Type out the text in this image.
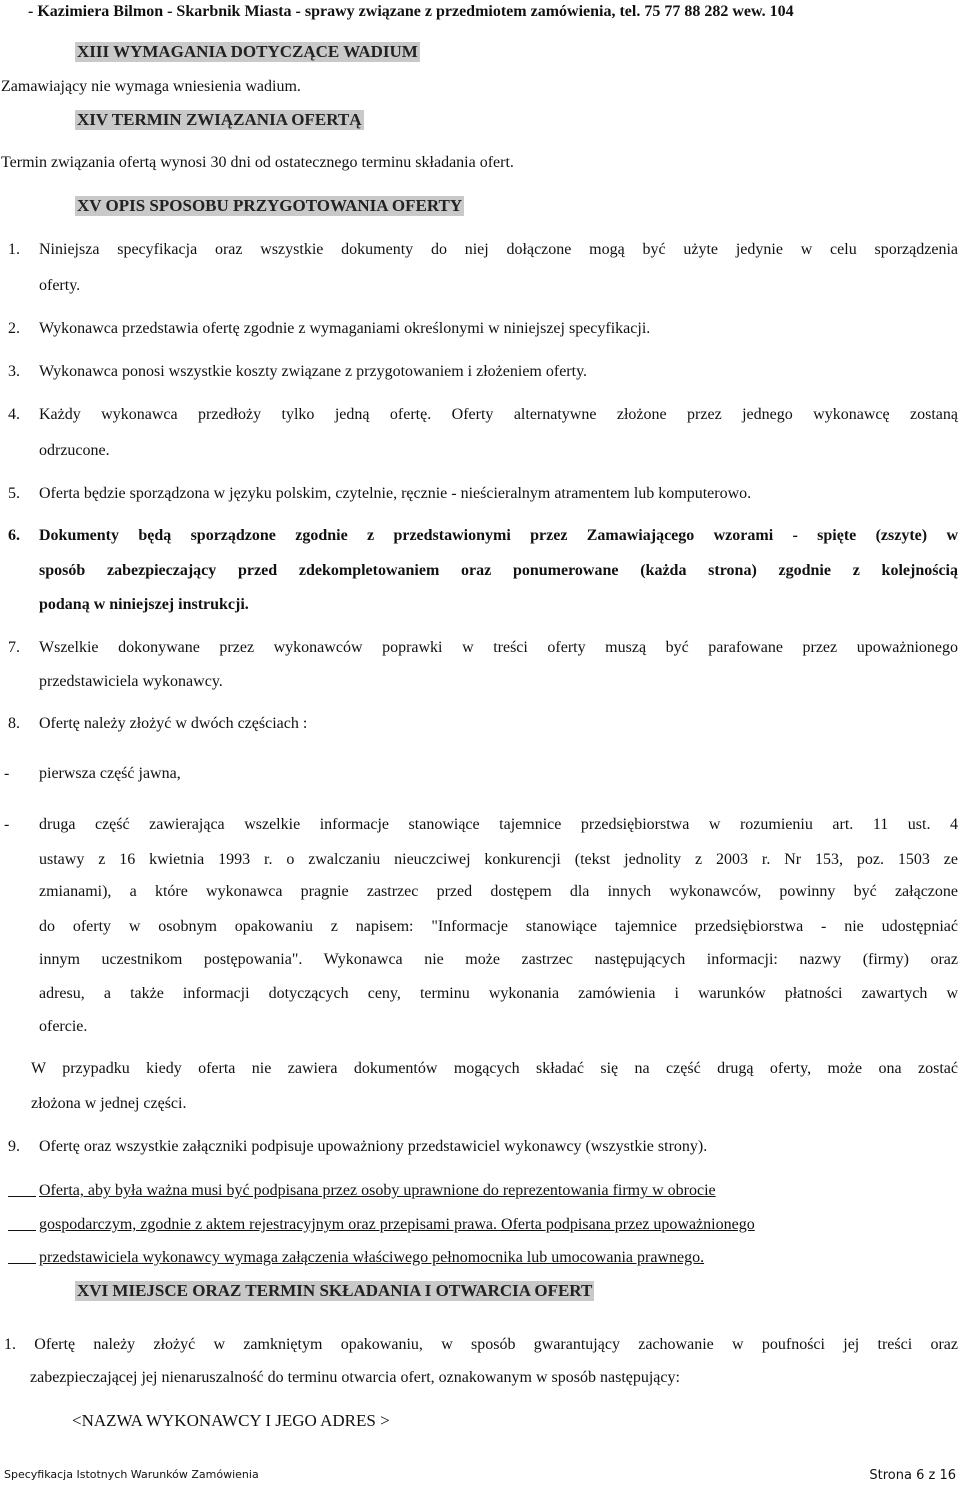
- Kazimiera Bilmon - Skarbnik Miasta - sprawy związane z przedmiotem zamówienia, tel. 75 77 88 282 wew. 104
XIII WYMAGANIA DOTYCZĄCE WADIUM
Zamawiający nie wymaga wniesienia wadium.
XIV TERMIN ZWIĄZANIA OFERTĄ
Termin związania ofertą wynosi 30 dni od ostatecznego terminu składania ofert.
XV OPIS SPOSOBU PRZYGOTOWANIA OFERTY
1. Niniejsza specyfikacja oraz wszystkie dokumenty do niej dołączone mogą być użyte jedynie w celu sporządzenia
oferty.
2. Wykonawca przedstawia ofertę zgodnie z wymaganiami określonymi w niniejszej specyfikacji.
3. Wykonawca ponosi wszystkie koszty związane z przygotowaniem i złożeniem oferty.
4. Każdy wykonawca przedłoży tylko jedną ofertę. Oferty alternatywne złożone przez jednego wykonawcę zostaną
odrzucone.
5. Oferta będzie sporządzona w języku polskim, czytelnie, ręcznie - nieścieralnym atramentem lub komputerowo.
6. Dokumenty będą sporządzone zgodnie z przedstawionymi przez Zamawiającego wzorami - spięte (zszyte) w
sposób zabezpieczający przed zdekompletowaniem oraz ponumerowane (każda strona) zgodnie z kolejnością
podaną w niniejszej instrukcji.
7. Wszelkie dokonywane przez wykonawców poprawki w treści oferty muszą być parafowane przez upoważnionego
przedstawiciela wykonawcy.
8. Ofertę należy złożyć w dwóch częściach :
- pierwsza część jawna,
- druga część zawierająca wszelkie informacje stanowiące tajemnice przedsiębiorstwa w rozumieniu art. 11 ust. 4
ustawy z 16 kwietnia 1993 r. o zwalczaniu nieuczciwej konkurencji (tekst jednolity z 2003 r. Nr 153, poz. 1503 ze
zmianami), a które wykonawca pragnie zastrzec przed dostępem dla innych wykonawców, powinny być załączone
do oferty w osobnym opakowaniu z napisem: "Informacje stanowiące tajemnice przedsiębiorstwa - nie udostępniać
innym uczestnikom postępowania". Wykonawca nie może zastrzec następujących informacji: nazwy (firmy) oraz
adresu, a także informacji dotyczących ceny, terminu wykonania zamówienia i warunków płatności zawartych w
ofercie.
W przypadku kiedy oferta nie zawiera dokumentów mogących składać się na część drugą oferty, może ona zostać
złożona w jednej części.
9. Ofertę oraz wszystkie załączniki podpisuje upoważniony przedstawiciel wykonawcy (wszystkie strony).

Oferta, aby była ważna musi być podpisana przez osoby uprawnione do reprezentowania firmy w obrocie

gospodarczym, zgodnie z aktem rejestracyjnym oraz przepisami prawa. Oferta podpisana przez upoważnionego

przedstawiciela wykonawcy wymaga załączenia właściwego pełnomocnika lub umocowania prawnego.
XVI MIEJSCE ORAZ TERMIN SKŁADANIA I OTWARCIA OFERT
1. Ofertę należy złożyć w zamkniętym opakowaniu, w sposób gwarantujący zachowanie w poufności jej treści oraz
zabezpieczającej jej nienaruszalność do terminu otwarcia ofert, oznakowanym w sposób następujący:
<NAZWA WYKONAWCY I JEGO ADRES >
Specyfikacja Istotnych Warunków Zamówienia	Strona 6 z 16
